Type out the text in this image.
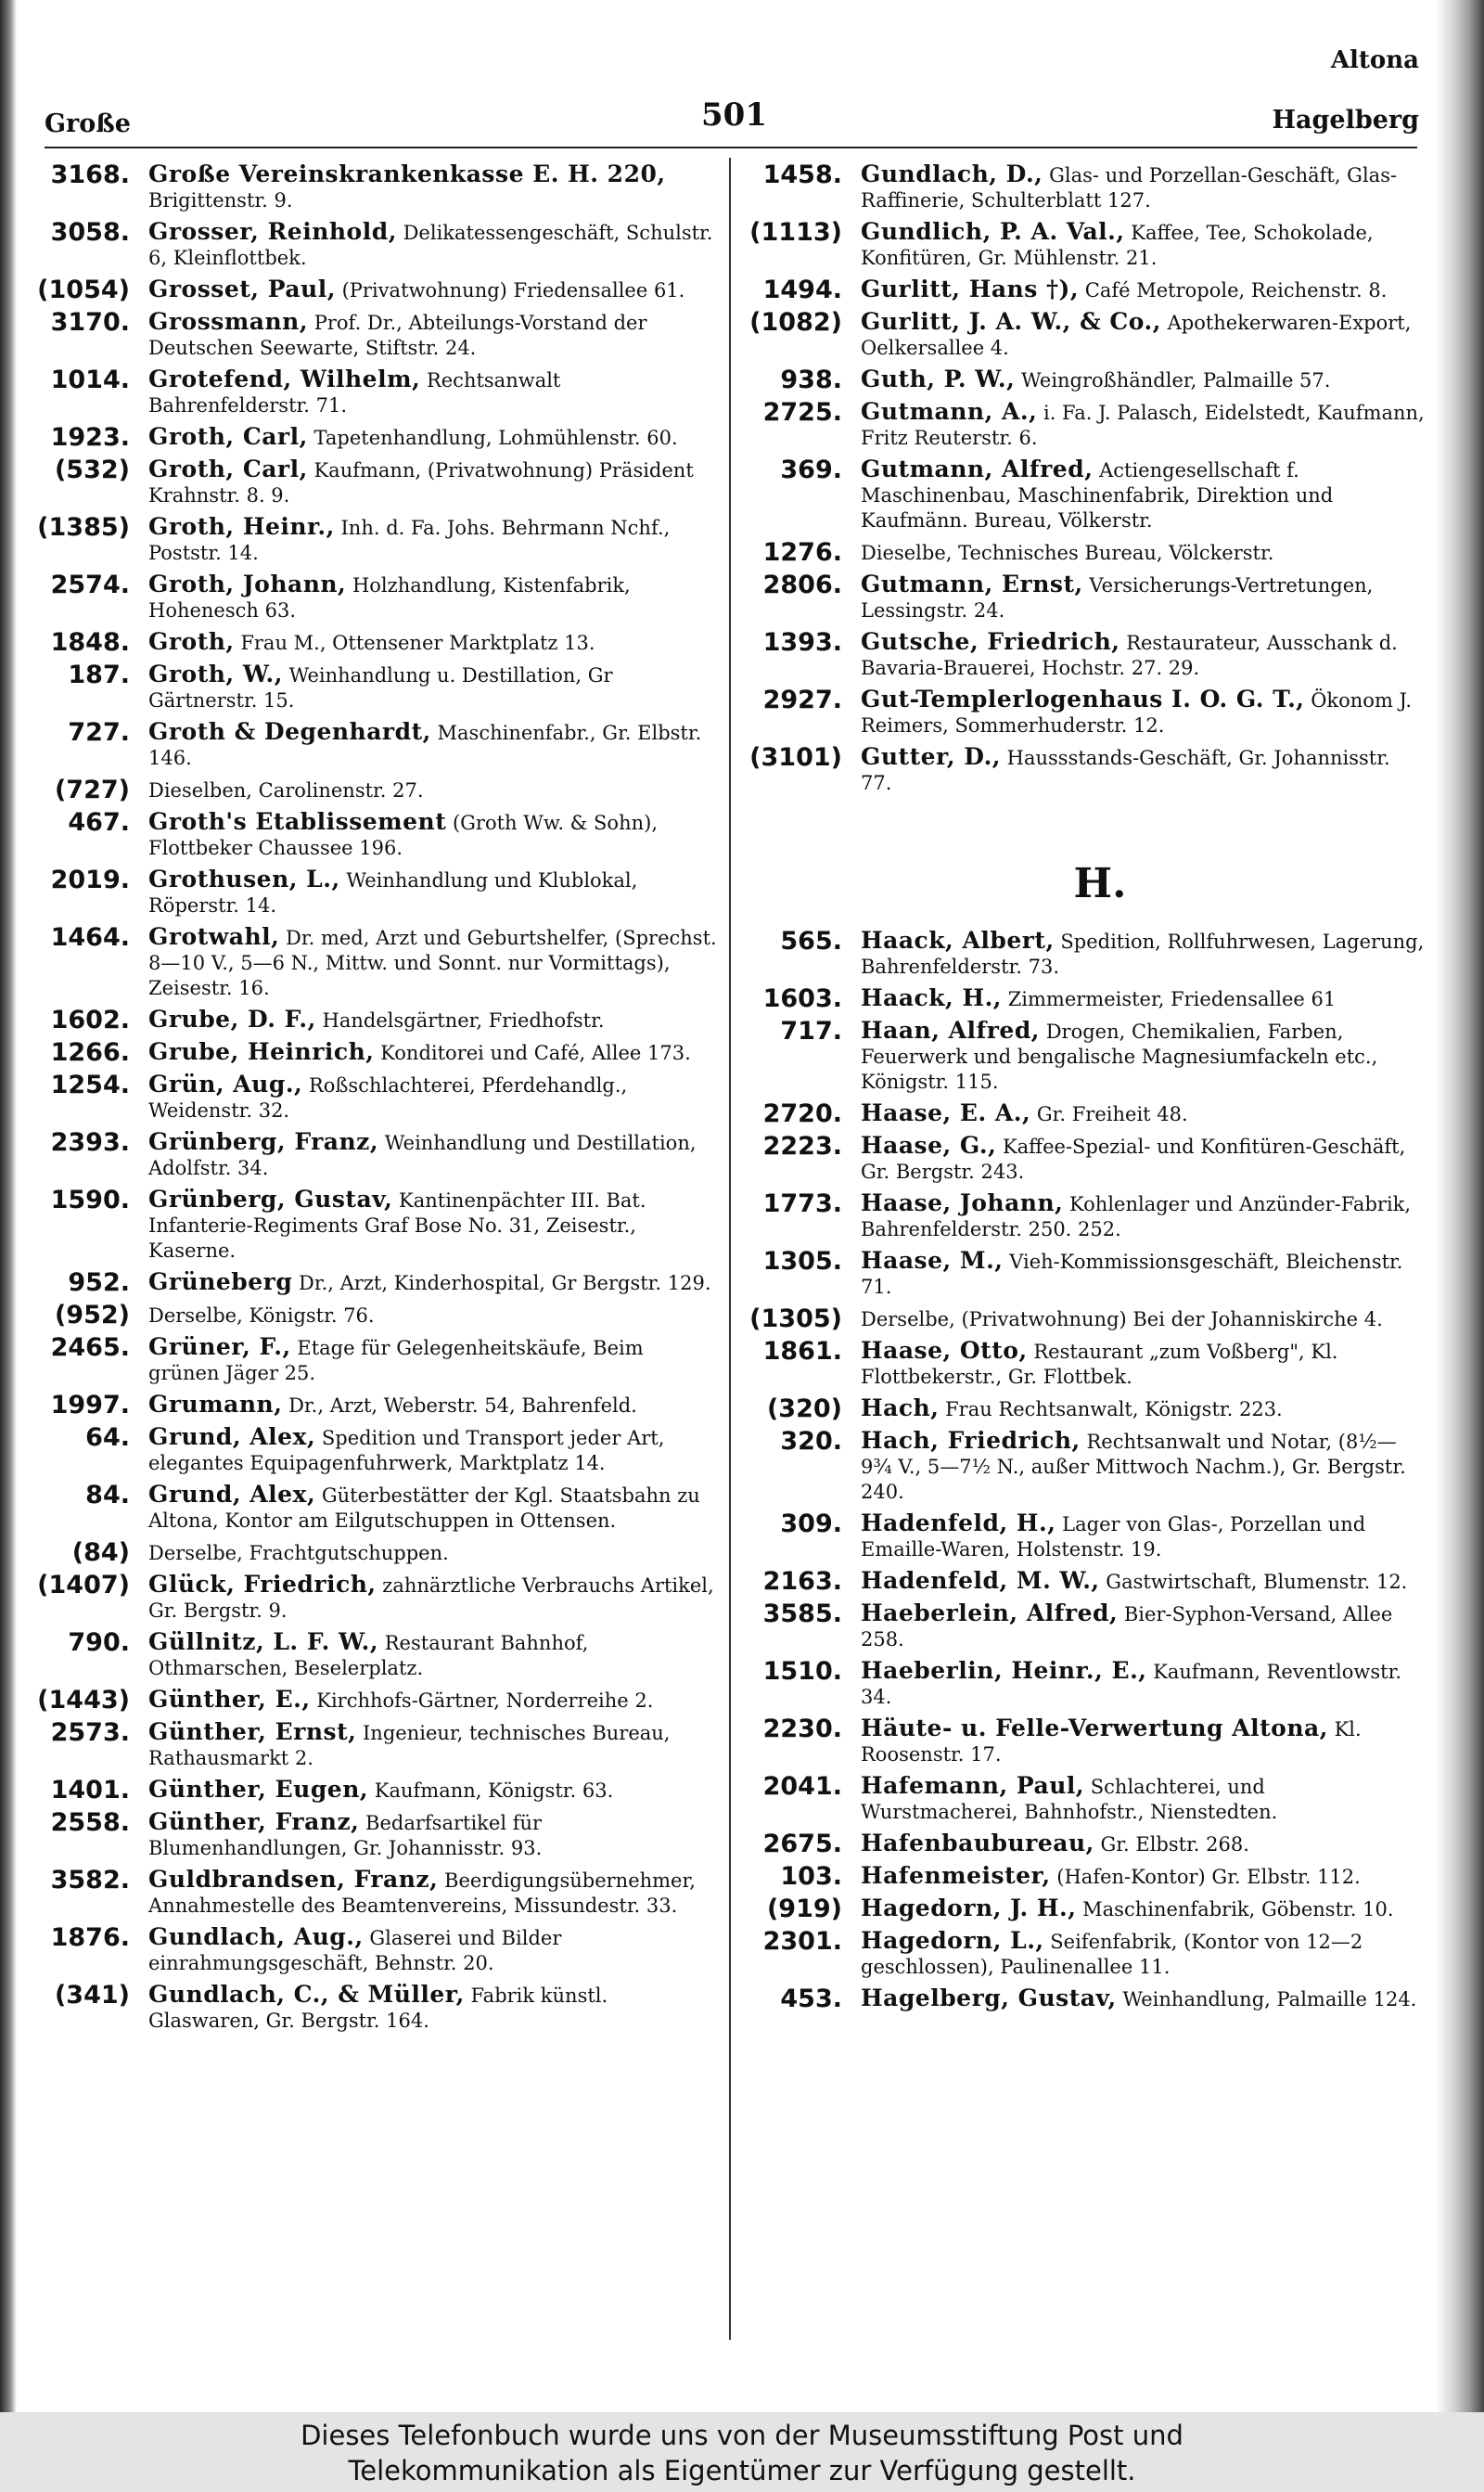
Altona
Große	501	Hagelberg
3168. Große Vereinskrankenkasse E. H. 220, Brigittenstr. 9.
3058. Grosser, Reinhold, Delikatessengeschäft, Schulstr. 6, Kleinflottbek.
(1054) Grosset, Paul, (Privatwohnung) Friedensallee 61.
3170. Grossmann, Prof. Dr., Abteilungs-Vorstand der Deutschen Seewarte, Stiftstr. 24.
1014. Grotefend, Wilhelm, Rechtsanwalt Bahrenfelderstr. 71.
1923. Groth, Carl, Tapetenhandlung, Lohmühlenstr. 60.
(532) Groth, Carl, Kaufmann, (Privatwohnung) Präsident Krahnstr. 8. 9.
(1385) Groth, Heinr., Inh. d. Fa. Johs. Behrmann Nchf., Poststr. 14.
2574. Groth, Johann, Holzhandlung, Kistenfabrik, Hohenesch 63.
1848. Groth, Frau M., Ottensener Marktplatz 13.
187. Groth, W., Weinhandlung u. Destillation, Gr Gärtnerstr. 15.
727. Groth & Degenhardt, Maschinenfabr., Gr. Elbstr. 146.
(727) Dieselben, Carolinenstr. 27.
467. Groth's Etablissement (Groth Ww. & Sohn), Flottbeker Chaussee 196.
2019. Grothusen, L., Weinhandlung und Klublokal, Röperstr. 14.
1464. Grotwahl, Dr. med, Arzt und Geburtshelfer, (Sprechst. 8—10 V., 5—6 N., Mittw. und Sonnt. nur Vormittags), Zeisestr. 16.
1602. Grube, D. F., Handelsgärtner, Friedhofstr.
1266. Grube, Heinrich, Konditorei und Café, Allee 173.
1254. Grün, Aug., Roßschlachterei, Pferdehandlg., Weidenstr. 32.
2393. Grünberg, Franz, Weinhandlung und Destillation, Adolfstr. 34.
1590. Grünberg, Gustav, Kantinenpächter III. Bat. Infanterie-Regiments Graf Bose No. 31, Zeisestr., Kaserne.
952. Grüneberg Dr., Arzt, Kinderhospital, Gr Bergstr. 129.
(952) Derselbe, Königstr. 76.
2465. Grüner, F., Etage für Gelegenheitskäufe, Beim grünen Jäger 25.
1997. Grumann, Dr., Arzt, Weberstr. 54, Bahrenfeld.
64. Grund, Alex, Spedition und Transport jeder Art, elegantes Equipagenfuhrwerk, Marktplatz 14.
84. Grund, Alex, Güterbestätter der Kgl. Staatsbahn zu Altona, Kontor am Eilgutschuppen in Ottensen.
(84) Derselbe, Frachtgutschuppen.
(1407) Glück, Friedrich, zahnärztliche Verbrauchs Artikel, Gr. Bergstr. 9.
790. Güllnitz, L. F. W., Restaurant Bahnhof, Othmarschen, Beselerplatz.
(1443) Günther, E., Kirchhofs-Gärtner, Norderreihe 2.
2573. Günther, Ernst, Ingenieur, technisches Bureau, Rathausmarkt 2.
1401. Günther, Eugen, Kaufmann, Königstr. 63.
2558. Günther, Franz, Bedarfsartikel für Blumenhandlungen, Gr. Johannisstr. 93.
3582. Guldbrandsen, Franz, Beerdigungsübernehmer, Annahmestelle des Beamtenvereins, Missundestr. 33.
1876. Gundlach, Aug., Glaserei und Bilder einrahmungsgeschäft, Behnstr. 20.
(341) Gundlach, C., & Müller, Fabrik künstl. Glaswaren, Gr. Bergstr. 164.
1458. Gundlach, D., Glas- und Porzellan-Geschäft, Glas-Raffinerie, Schulterblatt 127.
(1113) Gundlich, P. A. Val., Kaffee, Tee, Schokolade, Konfitüren, Gr. Mühlenstr. 21.
1494. Gurlitt, Hans †), Café Metropole, Reichenstr. 8.
(1082) Gurlitt, J. A. W., & Co., Apothekerwaren-Export, Oelkersallee 4.
938. Guth, P. W., Weingroßhändler, Palmaille 57.
2725. Gutmann, A., i. Fa. J. Palasch, Eidelstedt, Kaufmann, Fritz Reuterstr. 6.
369. Gutmann, Alfred, Actiengesellschaft f. Maschinenbau, Maschinenfabrik, Direktion und Kaufmänn. Bureau, Völkerstr.
1276. Dieselbe, Technisches Bureau, Völckerstr.
2806. Gutmann, Ernst, Versicherungs-Vertretungen, Lessingstr. 24.
1393. Gutsche, Friedrich, Restaurateur, Ausschank d. Bavaria-Brauerei, Hochstr. 27. 29.
2927. Gut-Templerlogenhaus I. O. G. T., Ökonom J. Reimers, Sommerhuderstr. 12.
(3101) Gutter, D., Haussstands-Geschäft, Gr. Johannisstr. 77.
H.
565. Haack, Albert, Spedition, Rollfuhrwesen, Lagerung, Bahrenfelderstr. 73.
1603. Haack, H., Zimmermeister, Friedensallee 61
717. Haan, Alfred, Drogen, Chemikalien, Farben, Feuerwerk und bengalische Magnesiumfackeln etc., Königstr. 115.
2720. Haase, E. A., Gr. Freiheit 48.
2223. Haase, G., Kaffee-Spezial- und Konfitüren-Geschäft, Gr. Bergstr. 243.
1773. Haase, Johann, Kohlenlager und Anzünder-Fabrik, Bahrenfelderstr. 250. 252.
1305. Haase, M., Vieh-Kommissionsgeschäft, Bleichenstr. 71.
(1305) Derselbe, (Privatwohnung) Bei der Johanniskirche 4.
1861. Haase, Otto, Restaurant „zum Voßberg", Kl. Flottbekerstr., Gr. Flottbek.
(320) Hach, Frau Rechtsanwalt, Königstr. 223.
320. Hach, Friedrich, Rechtsanwalt und Notar, (8½—9¾ V., 5—7½ N., außer Mittwoch Nachm.), Gr. Bergstr. 240.
309. Hadenfeld, H., Lager von Glas-, Porzellan und Emaille-Waren, Holstenstr. 19.
2163. Hadenfeld, M. W., Gastwirtschaft, Blumenstr. 12.
3585. Haeberlein, Alfred, Bier-Syphon-Versand, Allee 258.
1510. Haeberlin, Heinr., E., Kaufmann, Reventlowstr. 34.
2230. Häute- u. Felle-Verwertung Altona, Kl. Roosenstr. 17.
2041. Hafemann, Paul, Schlachterei, und Wurstmacherei, Bahnhofstr., Nienstedten.
2675. Hafenbaubureau, Gr. Elbstr. 268.
103. Hafenmeister, (Hafen-Kontor) Gr. Elbstr. 112.
(919) Hagedorn, J. H., Maschinenfabrik, Göbenstr. 10.
2301. Hagedorn, L., Seifenfabrik, (Kontor von 12—2 geschlossen), Paulinenallee 11.
453. Hagelberg, Gustav, Weinhandlung, Palmaille 124.
Dieses Telefonbuch wurde uns von der Museumsstiftung Post und
Telekommunikation als Eigentümer zur Verfügung gestellt.
